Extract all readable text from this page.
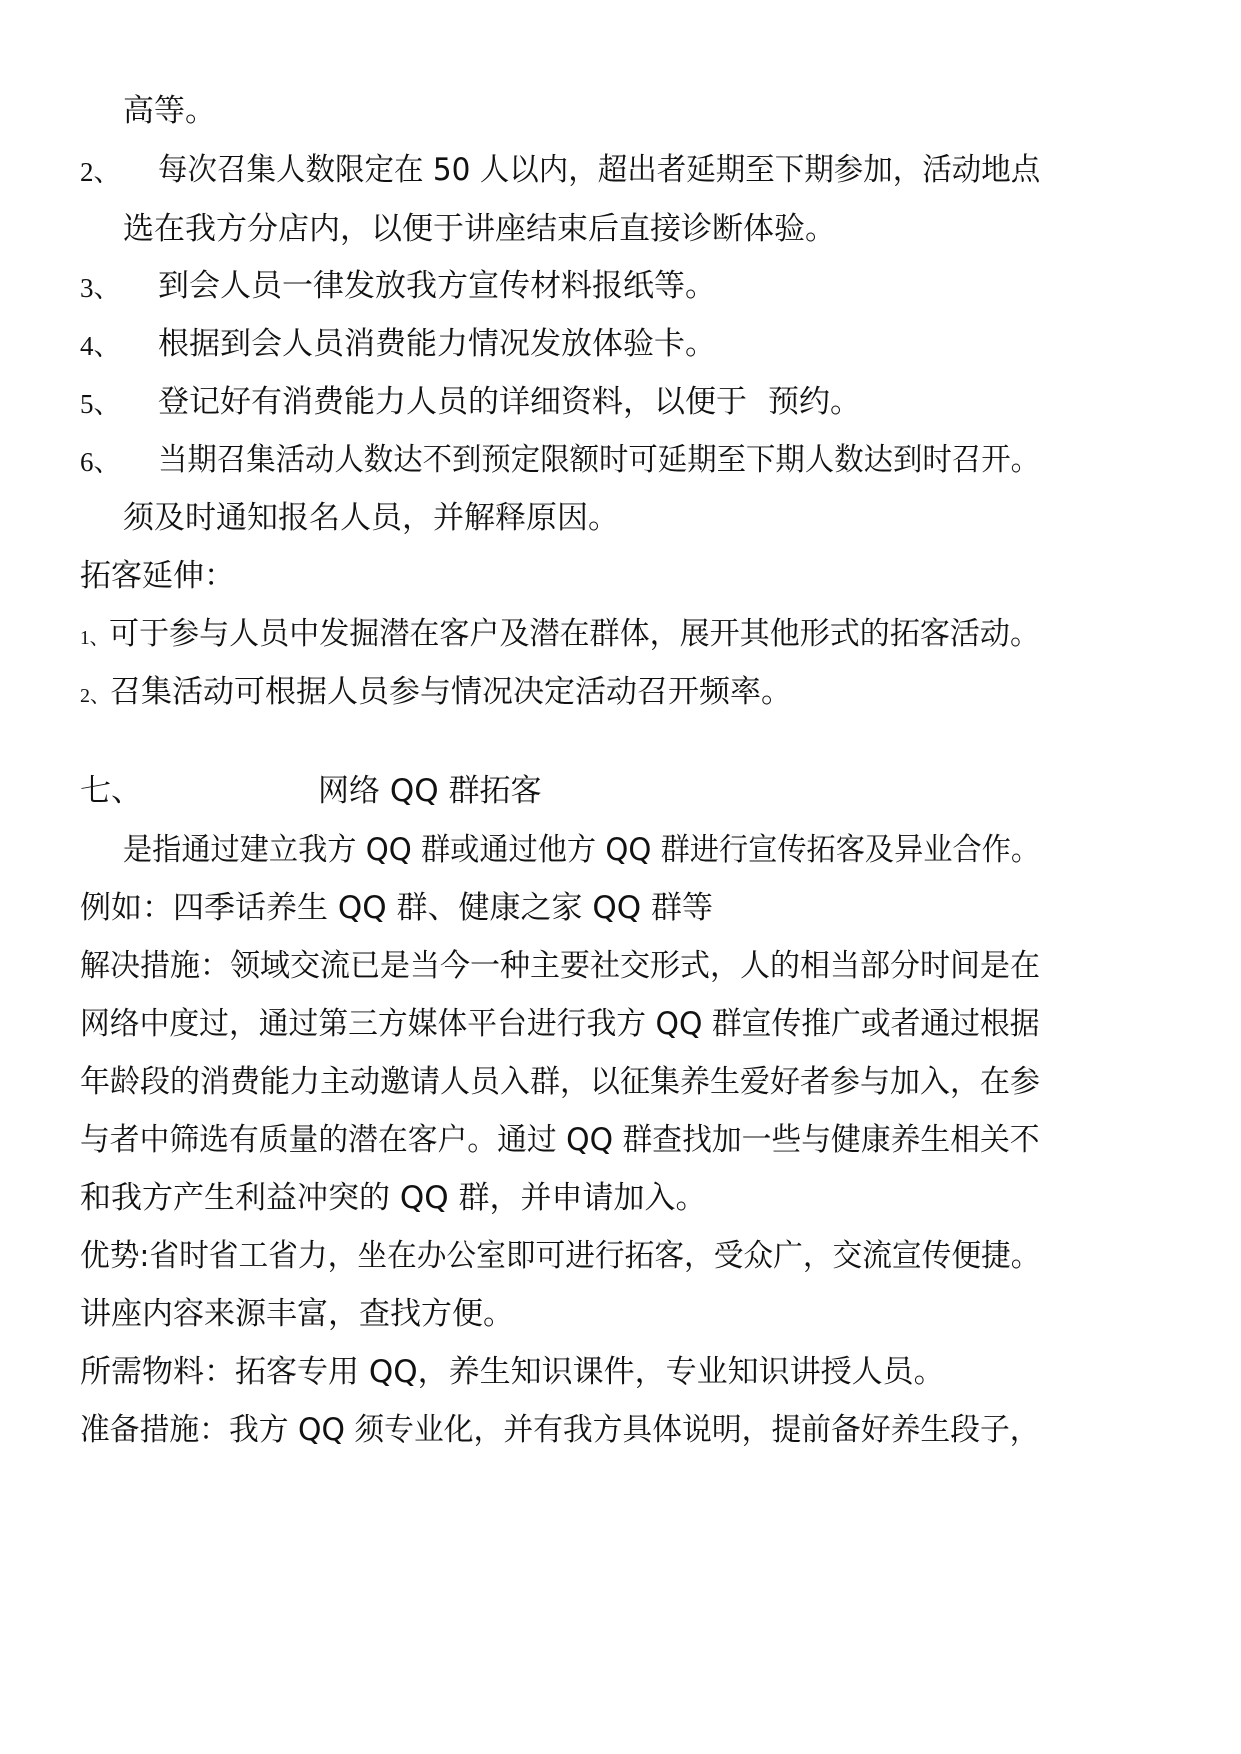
高等。
2、 每次召集人数限定在 50 人以内，超出者延期至下期参加，活动地点
选在我方分店内，以便于讲座结束后直接诊断体验。
3、 到会人员一律发放我方宣传材料报纸等。
4、 根据到会人员消费能力情况发放体验卡。
5、 登记好有消费能力人员的详细资料，以便于 预约。
6、 当期召集活动人数达不到预定限额时可延期至下期人数达到时召开。
须及时通知报名人员，并解释原因。
拓客延伸：
1、可于参与人员中发掘潜在客户及潜在群体，展开其他形式的拓客活动。
2、召集活动可根据人员参与情况决定活动召开频率。
七、	网络 QQ 群拓客
是指通过建立我方 QQ 群或通过他方 QQ 群进行宣传拓客及异业合作。
例如：四季话养生 QQ 群、健康之家 QQ 群等
解决措施：领域交流已是当今一种主要社交形式，人的相当部分时间是在
网络中度过，通过第三方媒体平台进行我方 QQ 群宣传推广或者通过根据
年龄段的消费能力主动邀请人员入群，以征集养生爱好者参与加入，在参
与者中筛选有质量的潜在客户。通过 QQ 群查找加一些与健康养生相关不
和我方产生利益冲突的 QQ 群，并申请加入。
优势:省时省工省力，坐在办公室即可进行拓客，受众广，交流宣传便捷。
讲座内容来源丰富，查找方便。
所需物料：拓客专用 QQ，养生知识课件，专业知识讲授人员。
准备措施：我方 QQ 须专业化，并有我方具体说明，提前备好养生段子，
